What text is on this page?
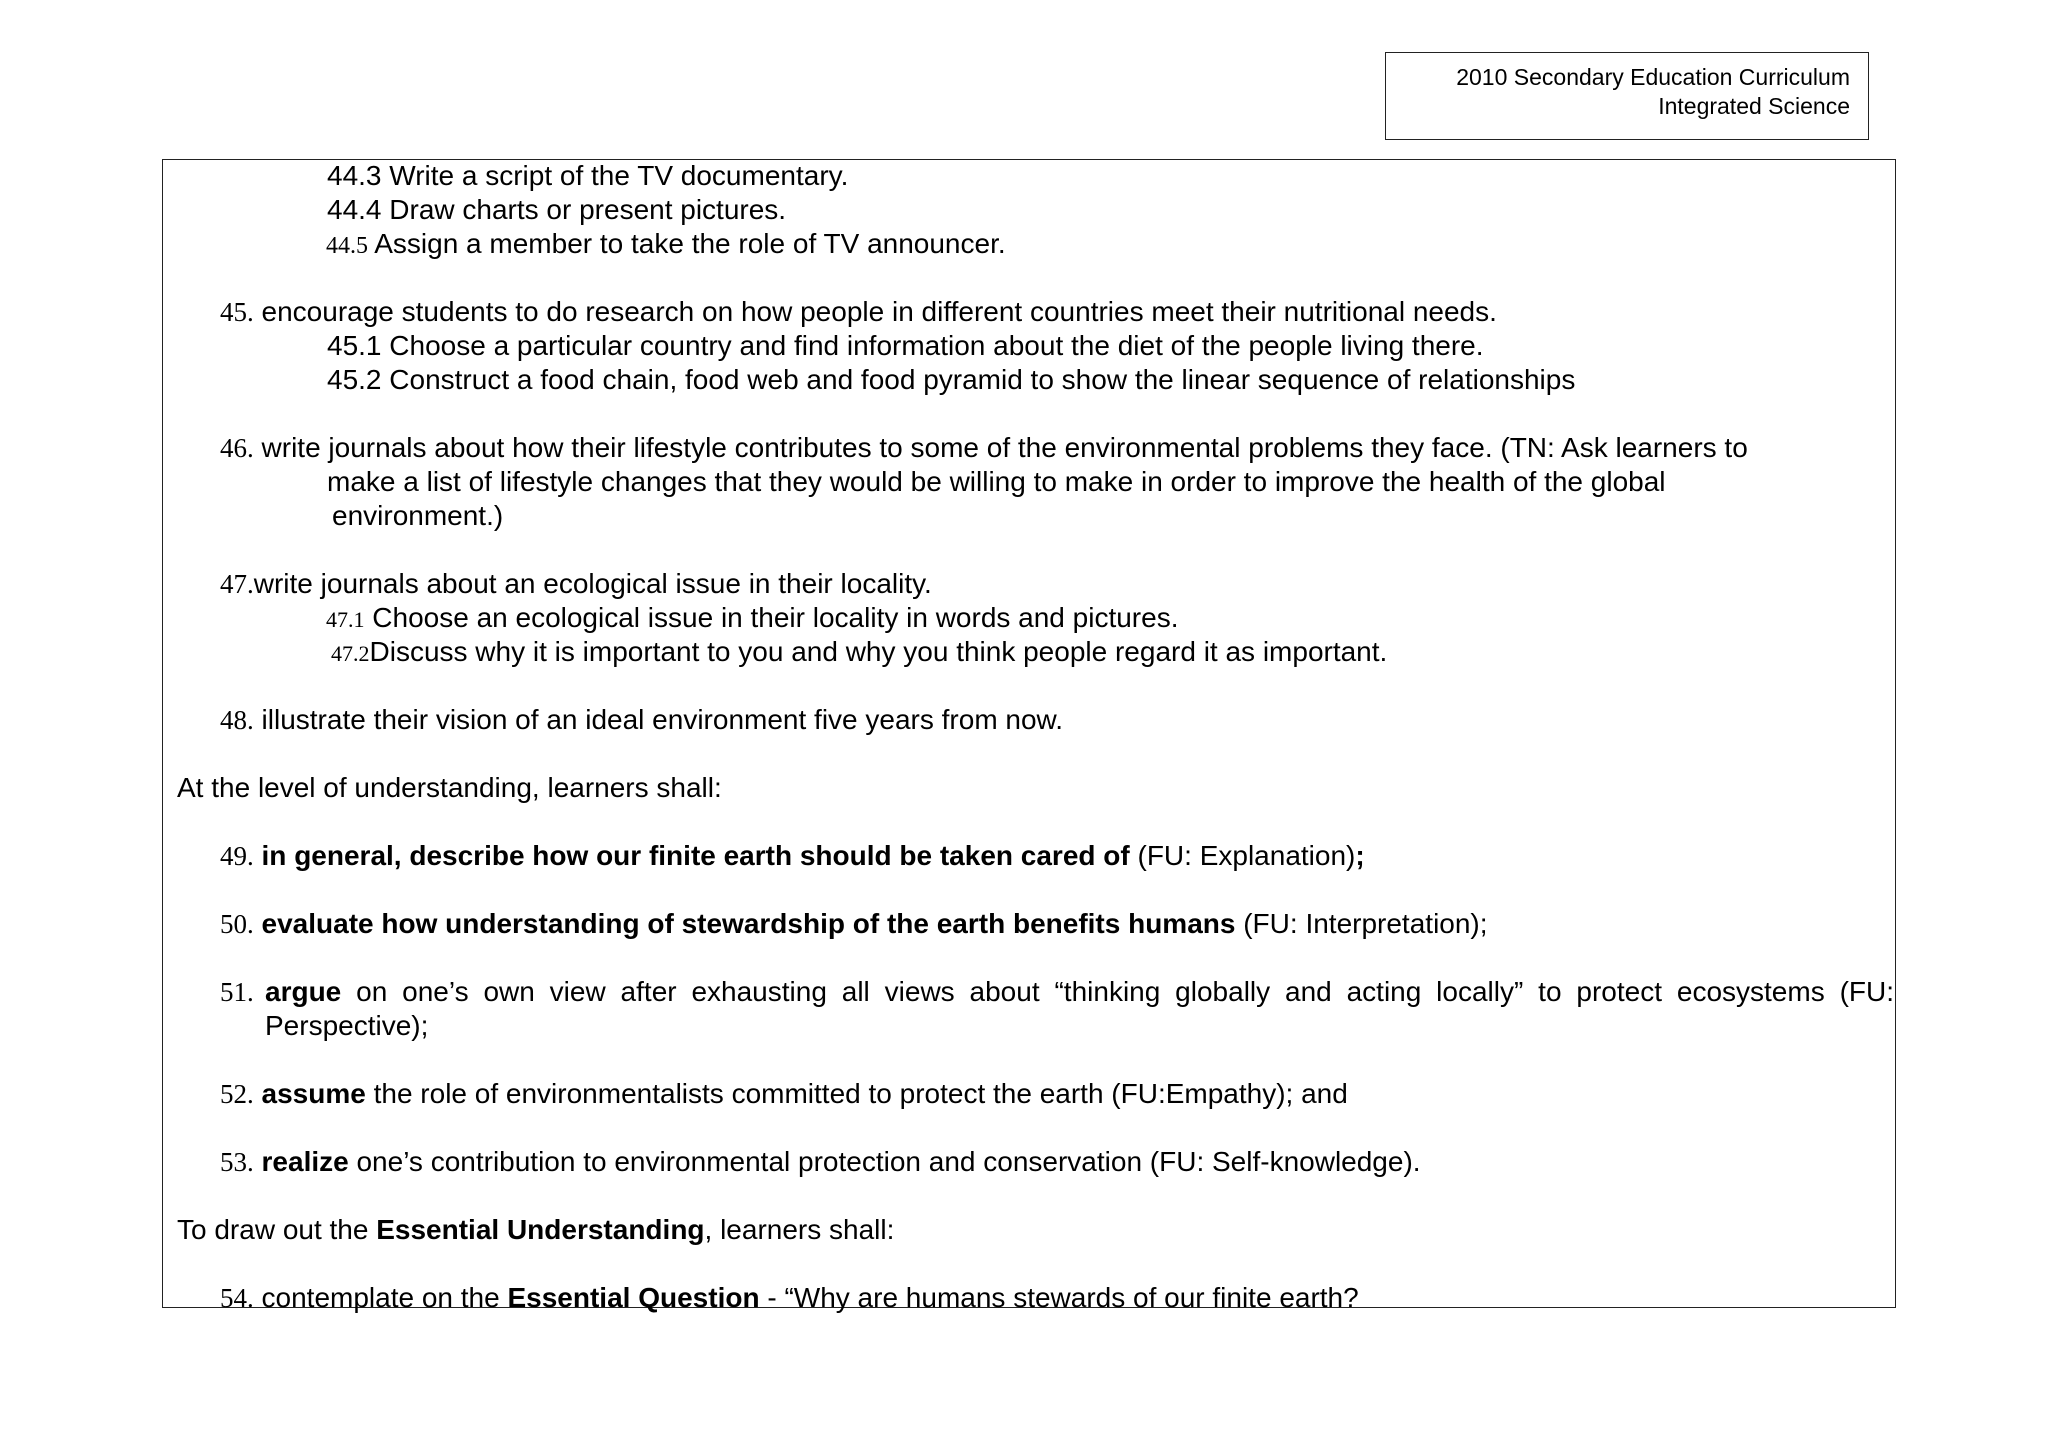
2010 Secondary Education Curriculum
Integrated Science
44.3 Write a script of the TV documentary.
44.4 Draw charts or present pictures.
44.5 Assign a member to take the role of TV announcer.
45. encourage students to do research on how people in different countries meet their nutritional needs.
45.1 Choose a particular country and find information about the diet of the people living there.
45.2 Construct a food chain, food web and food pyramid to show the linear sequence of relationships
46. write journals about how their lifestyle contributes to some of the environmental problems they face. (TN: Ask learners to
make a list of lifestyle changes that they would be willing to make in order to improve the health of the global
environment.)
47.write journals about an ecological issue in their locality.
47.1 Choose an ecological issue in their locality in words and pictures.
47.2Discuss why it is important to you and why you think people regard it as important.
48. illustrate their vision of an ideal environment five years from now.
At the level of understanding, learners shall:
49. in general, describe how our finite earth should be taken cared of (FU: Explanation);
50. evaluate how understanding of stewardship of the earth benefits humans (FU: Interpretation);
51. argue on one’s own view after exhausting all views about “thinking globally and acting locally” to protect ecosystems (FU:
Perspective);
52. assume the role of environmentalists committed to protect the earth (FU:Empathy); and
53. realize one’s contribution to environmental protection and conservation (FU: Self-knowledge).
To draw out the Essential Understanding, learners shall:
54. contemplate on the Essential Question - “Why are humans stewards of our finite earth?
